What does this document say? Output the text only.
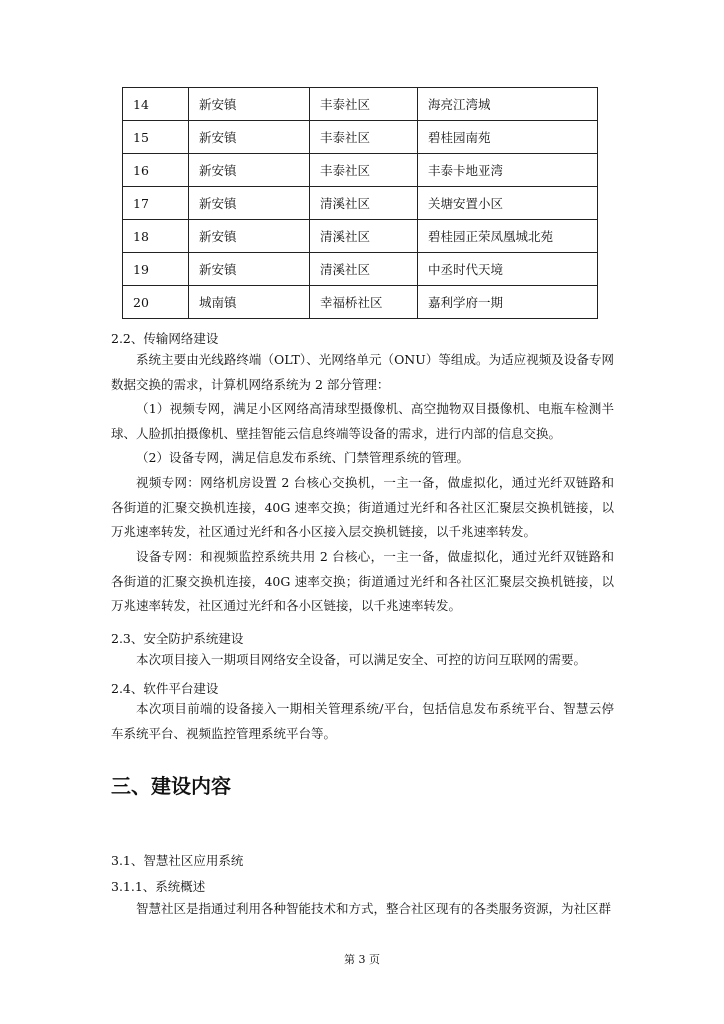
14	新安镇	丰泰社区	海亮江湾城
15	新安镇	丰泰社区	碧桂园南苑
16	新安镇	丰泰社区	丰泰卡地亚湾
17	新安镇	清溪社区	关塘安置小区
18	新安镇	清溪社区	碧桂园正荣凤凰城北苑
19	新安镇	清溪社区	中丞时代天境
20	城南镇	幸福桥社区	嘉利学府一期
2.2、传输网络建设

系统主要由光线路终端（OLT）、光网络单元（ONU）等组成。为适应视频及设备专网数据交换的需求，计算机网络系统为 2 部分管理：

（1）视频专网，满足小区网络高清球型摄像机、高空抛物双目摄像机、电瓶车检测半球、人脸抓拍摄像机、壁挂智能云信息终端等设备的需求，进行内部的信息交换。

（2）设备专网，满足信息发布系统、门禁管理系统的管理。

视频专网：网络机房设置 2 台核心交换机，一主一备，做虚拟化，通过光纤双链路和各街道的汇聚交换机连接，40G 速率交换；街道通过光纤和各社区汇聚层交换机链接，以万兆速率转发，社区通过光纤和各小区接入层交换机链接，以千兆速率转发。

设备专网：和视频监控系统共用 2 台核心，一主一备，做虚拟化，通过光纤双链路和各街道的汇聚交换机连接，40G 速率交换；街道通过光纤和各社区汇聚层交换机链接，以万兆速率转发，社区通过光纤和各小区链接，以千兆速率转发。

2.3、安全防护系统建设

本次项目接入一期项目网络安全设备，可以满足安全、可控的访问互联网的需要。

2.4、软件平台建设

本次项目前端的设备接入一期相关管理系统/平台，包括信息发布系统平台、智慧云停车系统平台、视频监控管理系统平台等。

三、建设内容
3.1、智慧社区应用系统
3.1.1、系统概述

智慧社区是指通过利用各种智能技术和方式，整合社区现有的各类服务资源，为社区群

第 3 页
